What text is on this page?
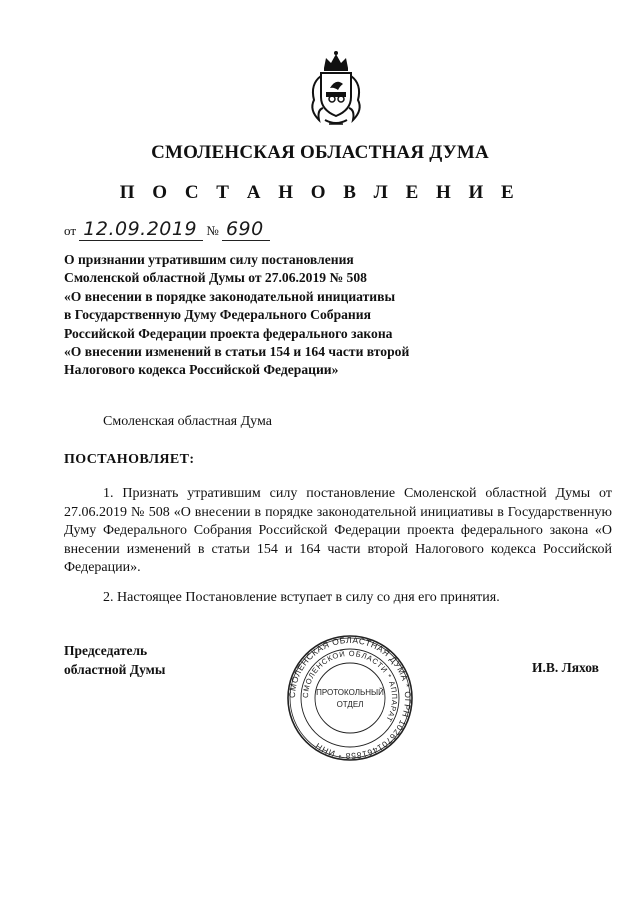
СМОЛЕНСКАЯ ОБЛАСТНАЯ ДУМА
П О С Т А Н О В Л Е Н И Е
от 12.09.2019 № 690
О признании утратившим силу постановления
Смоленской областной Думы от 27.06.2019 № 508
«О внесении в порядке законодательной инициативы
в Государственную Думу Федерального Собрания
Российской Федерации проекта федерального закона
«О внесении изменений в статьи 154 и 164 части второй
Налогового кодекса Российской Федерации»
Смоленская областная Дума
ПОСТАНОВЛЯЕТ:
1. Признать утратившим силу постановление Смоленской областной Думы от 27.06.2019 № 508 «О внесении в порядке законодательной инициативы в Государственную Думу Федерального Собрания Российской Федерации проекта федерального закона «О внесении изменений в статьи 154 и 164 части второй Налогового кодекса Российской Федерации».
2. Настоящее Постановление вступает в силу со дня его принятия.
Председатель
областной Думы	И.В. Ляхов
СМОЛЕНСКАЯ ОБЛАСТНАЯ ДУМА * ОГРН 1026701461858 * ИНН
СМОЛЕНСКОЙ ОБЛАСТИ * АППАРАТ
ПРОТОКОЛЬНЫЙ
ОТДЕЛ
